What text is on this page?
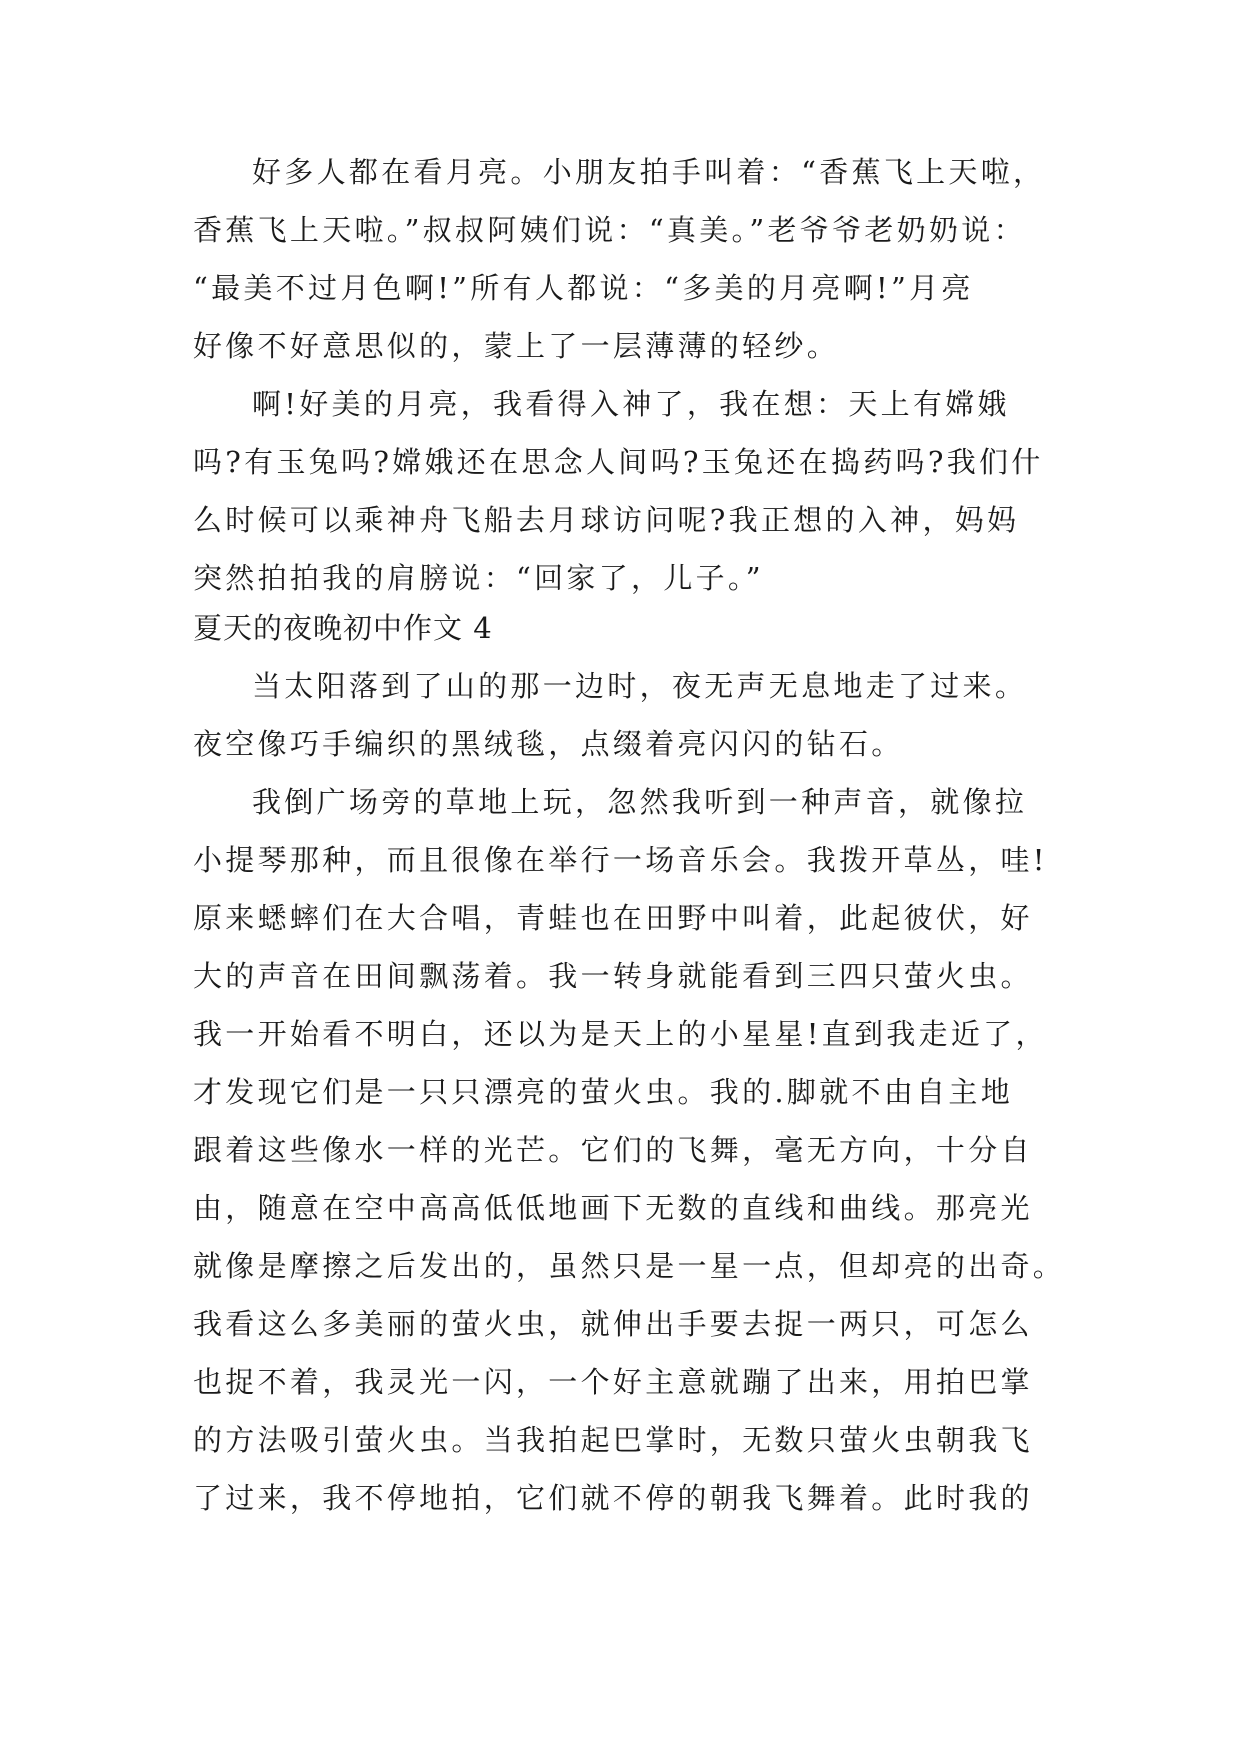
好多人都在看月亮。小朋友拍手叫着：“香蕉飞上天啦，
香蕉飞上天啦。”叔叔阿姨们说：“真美。”老爷爷老奶奶说：
“最美不过月色啊!”所有人都说：“多美的月亮啊!”月亮
好像不好意思似的，蒙上了一层薄薄的轻纱。
啊!好美的月亮，我看得入神了，我在想：天上有嫦娥
吗?有玉兔吗?嫦娥还在思念人间吗?玉兔还在捣药吗?我们什
么时候可以乘神舟飞船去月球访问呢?我正想的入神，妈妈
突然拍拍我的肩膀说：“回家了，儿子。”
夏天的夜晚初中作文 4
当太阳落到了山的那一边时，夜无声无息地走了过来。
夜空像巧手编织的黑绒毯，点缀着亮闪闪的钻石。
我倒广场旁的草地上玩，忽然我听到一种声音，就像拉
小提琴那种，而且很像在举行一场音乐会。我拨开草丛，哇!
原来蟋蟀们在大合唱，青蛙也在田野中叫着，此起彼伏，好
大的声音在田间飘荡着。我一转身就能看到三四只萤火虫。
我一开始看不明白，还以为是天上的小星星!直到我走近了，
才发现它们是一只只漂亮的萤火虫。我的.脚就不由自主地
跟着这些像水一样的光芒。它们的飞舞，毫无方向，十分自
由，随意在空中高高低低地画下无数的直线和曲线。那亮光
就像是摩擦之后发出的，虽然只是一星一点，但却亮的出奇。
我看这么多美丽的萤火虫，就伸出手要去捉一两只，可怎么
也捉不着，我灵光一闪，一个好主意就蹦了出来，用拍巴掌
的方法吸引萤火虫。当我拍起巴掌时，无数只萤火虫朝我飞
了过来，我不停地拍，它们就不停的朝我飞舞着。此时我的
